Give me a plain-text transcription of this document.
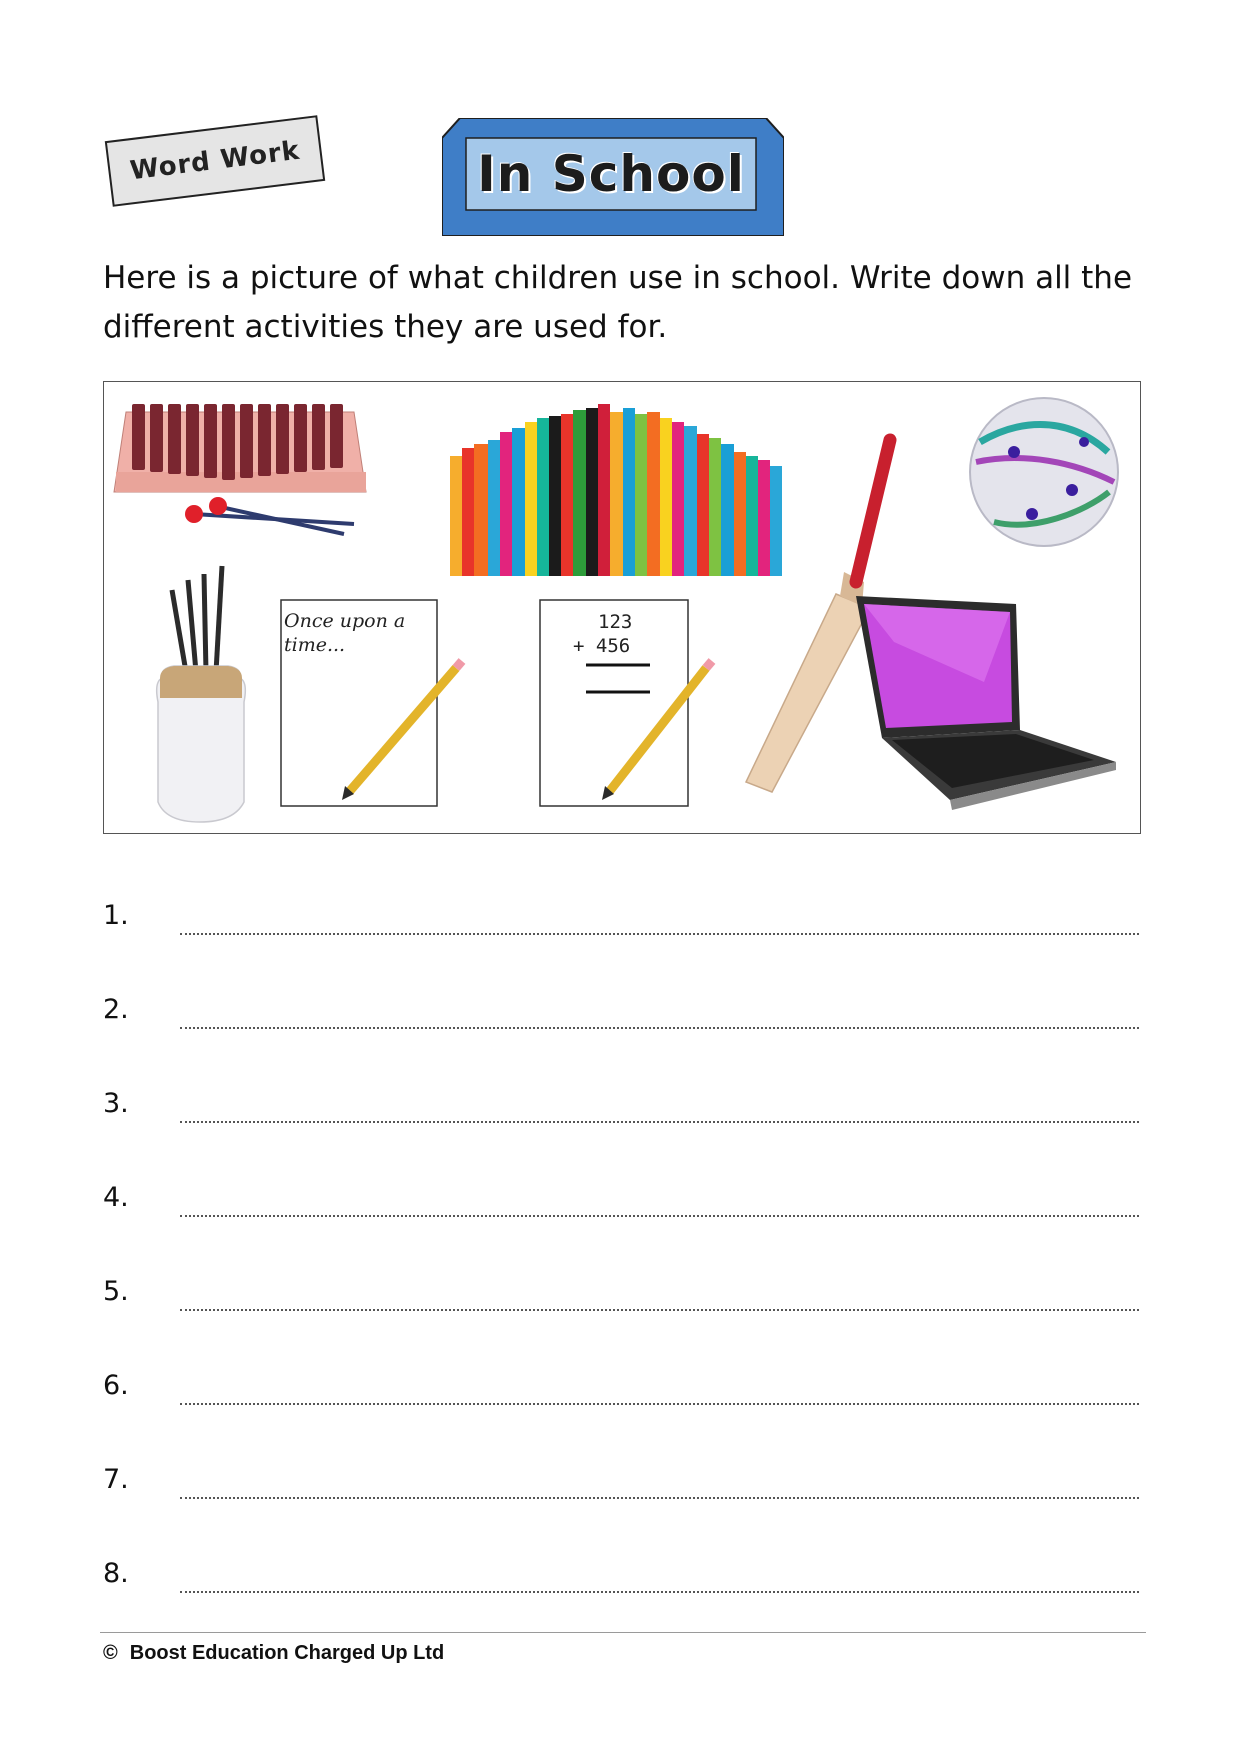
Word Work	In School
Here is a picture of what children use in school. Write down all the different activities they are used for.
Once upon a time...
123
+ 456
1.
2.
3.
4.
5.
6.
7.
8.
© Boost Education Charged Up Ltd
